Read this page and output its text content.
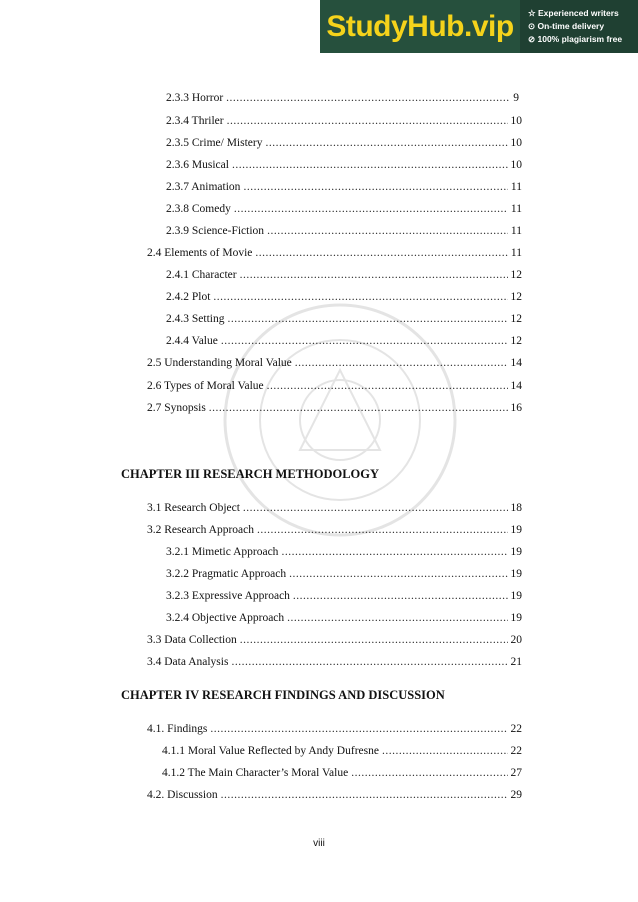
StudyHub.vip	☆ Experienced writers
⊙ On-time delivery
⊘ 100% plagiarism free
2.3.3 Horror .....	9
2.3.4 Thriler .....	10
2.3.5 Crime/ Mistery .....	10
2.3.6 Musical .....	10
2.3.7 Animation .....	11
2.3.8 Comedy .....	11
2.3.9 Science-Fiction .....	11
2.4 Elements of Movie .....	11
2.4.1 Character .....	12
2.4.2 Plot .....	12
2.4.3 Setting .....	12
2.4.4 Value .....	12
2.5 Understanding Moral Value .....	14
2.6 Types of Moral Value .....	14
2.7 Synopsis .....	16
CHAPTER III RESEARCH METHODOLOGY
3.1 Research Object .....	18
3.2 Research Approach .....	19
3.2.1 Mimetic Approach .....	19
3.2.2 Pragmatic Approach .....	19
3.2.3 Expressive Approach .....	19
3.2.4 Objective Approach .....	19
3.3 Data Collection .....	20
3.4 Data Analysis .....	21
CHAPTER IV RESEARCH FINDINGS AND DISCUSSION
4.1. Findings .....	22
4.1.1 Moral Value Reflected by Andy Dufresne .....	22
4.1.2 The Main Character’s Moral Value .....	27
4.2. Discussion .....	29
viii
